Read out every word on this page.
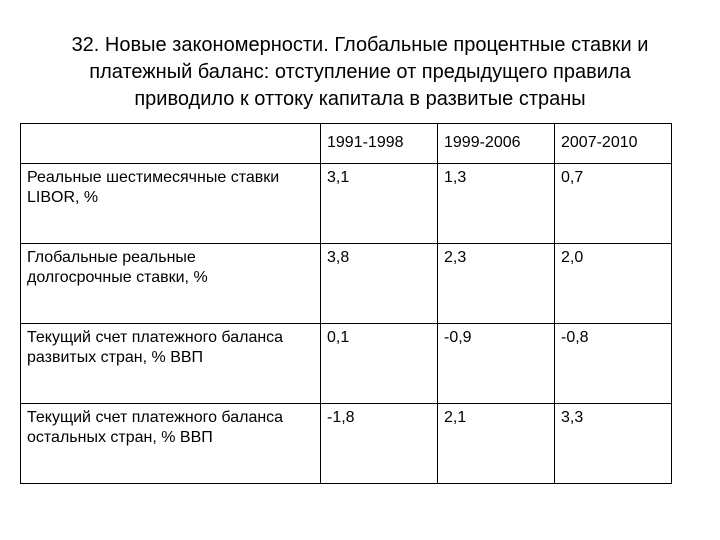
32. Новые закономерности. Глобальные процентные ставки и
платежный баланс: отступление от предыдущего правила
приводило к оттоку капитала в развитые страны
	1991-1998	1999-2006	2007-2010
Реальные шестимесячные ставки
LIBOR, %	3,1	1,3	0,7
Глобальные реальные
долгосрочные ставки, %	3,8	2,3	2,0
Текущий счет платежного баланса
развитых стран, % ВВП	0,1	-0,9	-0,8
Текущий счет платежного баланса
остальных стран, % ВВП	-1,8	2,1	3,3
